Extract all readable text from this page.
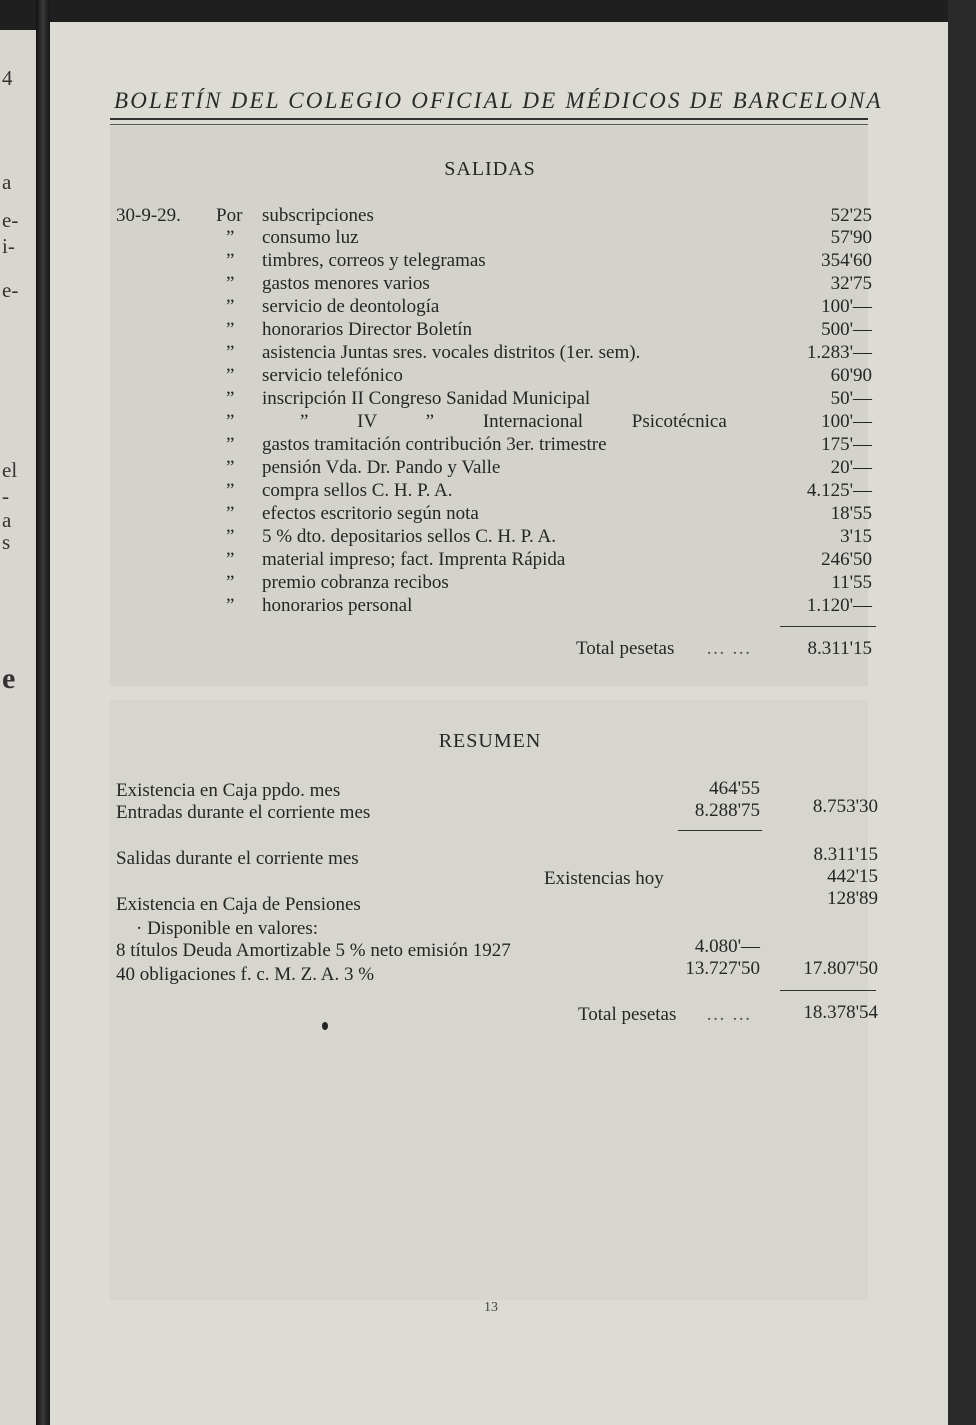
4
a
e-
i-
e-
el
-
a
s
e
BOLETÍN DEL COLEGIO OFICIAL DE MÉDICOS DE BARCELONA
SALIDAS
30-9-29. Por subscripciones	52'25
” consumo luz	57'90
” timbres, correos y telegramas	354'60
” gastos menores varios	32'75
” servicio de deontología	100'—
” honorarios Director Boletín	500'—
” asistencia Juntas sres. vocales distritos (1er. sem).	1.283'—
” servicio telefónico	60'90
” inscripción II Congreso Sanidad Municipal	50'—
”	” IV ” Internacional Psicotécnica	100'—
” gastos tramitación contribución 3er. trimestre	175'—
” pensión Vda. Dr. Pando y Valle	20'—
” compra sellos C. H. P. A.	4.125'—
” efectos escritorio según nota	18'55
” 5 % dto. depositarios sellos C. H. P. A.	3'15
” material impreso; fact. Imprenta Rápida	246'50
” premio cobranza recibos	11'55
” honorarios personal	1.120'—
Total pesetas … …	8.311'15
RESUMEN
Existencia en Caja ppdo. mes	464'55
Entradas durante el corriente mes	8.288'75	8.753'30
Salidas durante el corriente mes	8.311'15
Existencias hoy	442'15
Existencia en Caja de Pensiones	128'89
· Disponible en valores:
8 títulos Deuda Amortizable 5 % neto emisión 1927	4.080'—
40 obligaciones f. c. M. Z. A. 3 %	13.727'50 17.807'50
Total pesetas … …	18.378'54
13
